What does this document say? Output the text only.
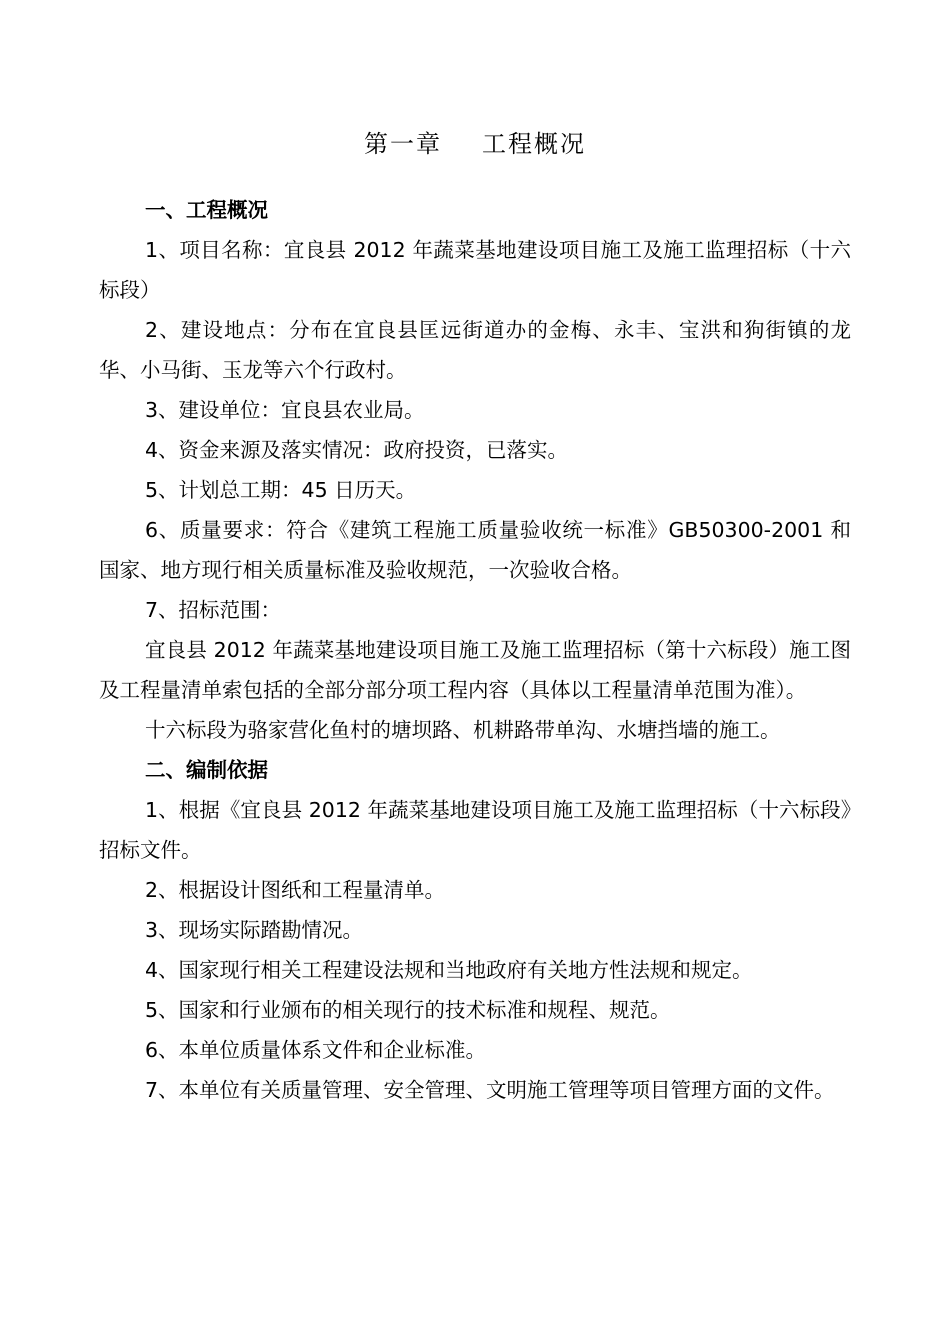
第一章 工程概况

一、工程概况

1、项目名称：宜良县 2012 年蔬菜基地建设项目施工及施工监理招标（十六标段）

2、建设地点：分布在宜良县匡远街道办的金梅、永丰、宝洪和狗街镇的龙华、小马街、玉龙等六个行政村。

3、建设单位：宜良县农业局。

4、资金来源及落实情况：政府投资，已落实。

5、计划总工期：45 日历天。

6、质量要求：符合《建筑工程施工质量验收统一标准》GB50300-2001 和国家、地方现行相关质量标准及验收规范，一次验收合格。

7、招标范围：

宜良县 2012 年蔬菜基地建设项目施工及施工监理招标（第十六标段）施工图及工程量清单索包括的全部分部分项工程内容（具体以工程量清单范围为准）。

十六标段为骆家营化鱼村的塘坝路、机耕路带单沟、水塘挡墙的施工。

二、编制依据

1、根据《宜良县 2012 年蔬菜基地建设项目施工及施工监理招标（十六标段》招标文件。

2、根据设计图纸和工程量清单。

3、现场实际踏勘情况。

4、国家现行相关工程建设法规和当地政府有关地方性法规和规定。

5、国家和行业颁布的相关现行的技术标准和规程、规范。

6、本单位质量体系文件和企业标准。

7、本单位有关质量管理、安全管理、文明施工管理等项目管理方面的文件。
